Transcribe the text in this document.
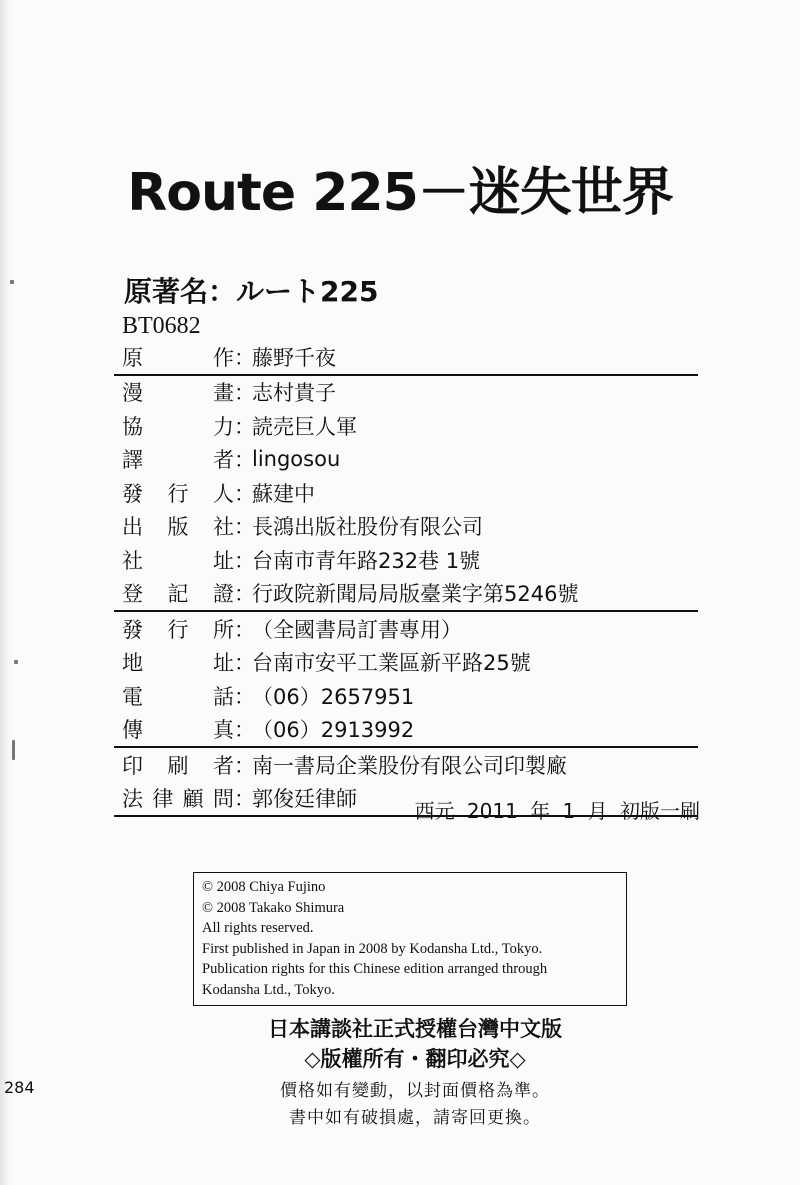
284
Route 225－迷失世界
原著名：ルート225
BT0682
原	作 ：
藤野千夜
漫	畫 ：
志村貴子
協	力 ：
読売巨人軍
譯	者 ：
lingosou
發 行 人 ：
蘇建中
出 版 社 ：
長鴻出版社股份有限公司
社	址 ：
台南市青年路232巷 1號
登 記 證 ：
行政院新聞局局版臺業字第5246號
發 行 所 ：
（全國書局訂書專用）
地	址 ：
台南市安平工業區新平路25號
電	話 ：
（06）2657951
傳	真 ：
（06）2913992
印 刷 者 ：
南一書局企業股份有限公司印製廠
法 律 顧 問 ：
郭俊廷律師	西元 2011 年 1 月 初版一刷
© 2008 Chiya Fujino
© 2008 Takako Shimura
All rights reserved.
First published in Japan in 2008 by Kodansha Ltd., Tokyo.
Publication rights for this Chinese edition arranged through
Kodansha Ltd., Tokyo.
日本講談社正式授權台灣中文版
◇版權所有・翻印必究◇
價格如有變動，以封面價格為準。
書中如有破損處，請寄回更換。
